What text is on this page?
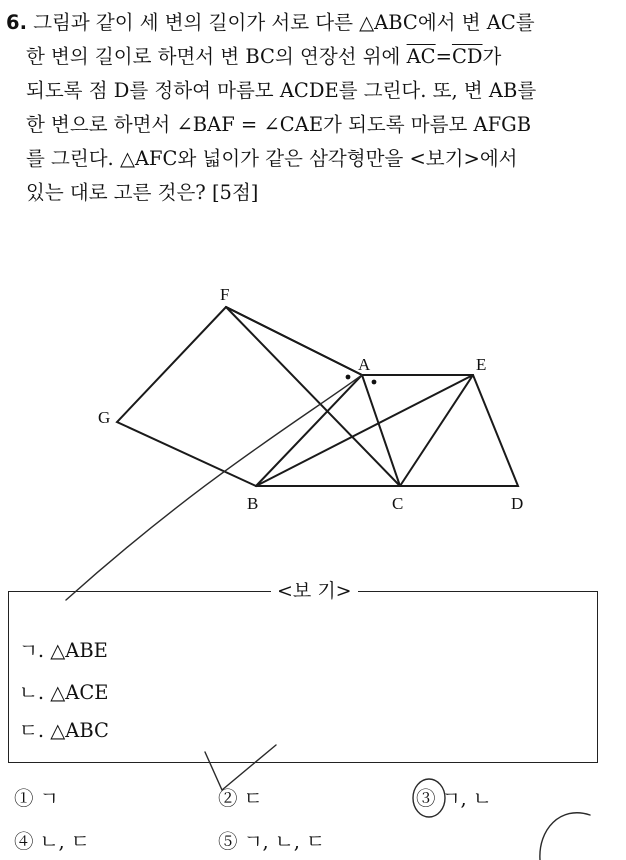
6. 그림과 같이 세 변의 길이가 서로 다른 △ABC에서 변 AC를
한 변의 길이로 하면서 변 BC의 연장선 위에 $\overline{AC}=\overline{CD}$가
되도록 점 D를 정하여 마름모 ACDE를 그린다. 또, 변 AB를
한 변으로 하면서 ∠BAF = ∠CAE가 되도록 마름모 AFGB
를 그린다. △AFC와 넓이가 같은 삼각형만을 <보기>에서
있는 대로 고른 것은? [5점]
F
A	E
G
B	C	D
<보 기>
ㄱ. △ABE
ㄴ. △ACE
ㄷ. △ABC
① ㄱ	② ㄷ	③ ㄱ, ㄴ
④ ㄴ, ㄷ	⑤ ㄱ, ㄴ, ㄷ
